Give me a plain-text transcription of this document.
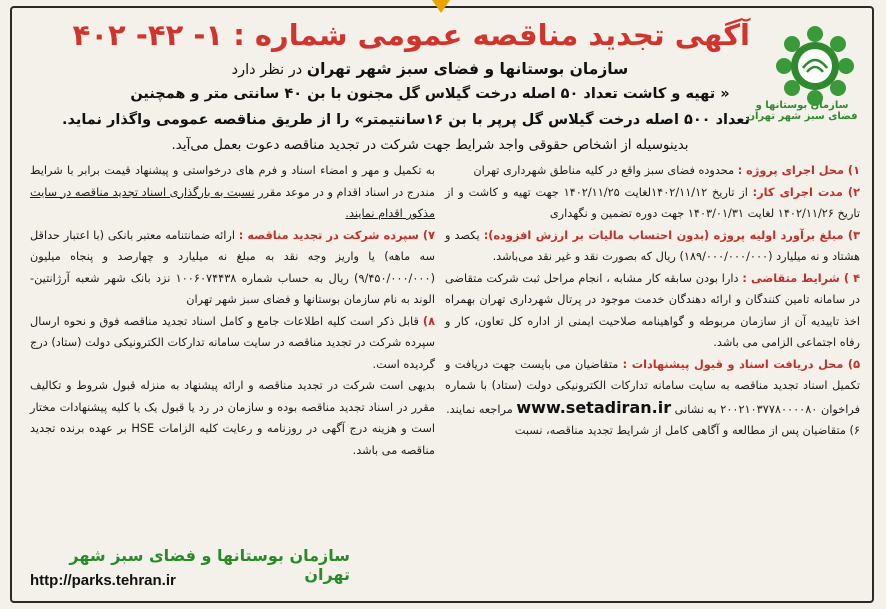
سازمان بوستانها و فضای سبز شهر تهران
آگهی تجدید مناقصه عمومی شماره : ۱- ۴۲- ۴۰۲
سازمان بوستانها و فضای سبز شهر تهران در نظر دارد
« تهیه و کاشت تعداد ۵۰ اصله درخت گیلاس گل مجنون با بن ۴۰ سانتی متر و همچنین
تعداد ۵۰۰ اصله درخت گیلاس گل پرپر با بن ۱۶سانتیمتر» را از طریق مناقصه عمومی واگذار نماید.
بدینوسیله از اشخاص حقوقی واجد شرایط جهت شرکت در تجدید مناقصه دعوت بعمل می‌آید.

۱) محل اجرای پروژه : محدوده فضای سبز واقع در کلیه مناطق شهرداری تهران

۲) مدت اجرای کار: از تاریخ ۱۴۰۲/۱۱/۱۲لغایت ۱۴۰۲/۱۱/۲۵ جهت تهیه و کاشت و از تاریخ ۱۴۰۲/۱۱/۲۶ لغایت ۱۴۰۳/۰۱/۳۱ جهت دوره تضمین و نگهداری

۳) مبلغ برآورد اولیه پروژه (بدون احتساب مالیات بر ارزش افزوده): یکصد و هشتاد و نه میلیارد (۱۸۹/۰۰۰/۰۰۰/۰۰۰) ریال که بصورت نقد و غیر نقد می‌باشد.

۴ ) شرایط متقاضی : دارا بودن سابقه کار مشابه ، انجام مراحل ثبت شرکت متقاضی در سامانه تامین کنندگان و ارائه دهندگان خدمت موجود در پرتال شهرداری تهران بهمراه اخذ تاییدیه آن از سازمان مربوطه و گواهینامه صلاحیت ایمنی از اداره کل تعاون، کار و رفاه اجتماعی الزامی می باشد.

۵) محل دریافت اسناد و قبول پیشنهادات : متقاضیان می بایست جهت دریافت و تکمیل اسناد تجدید مناقصه به سایت سامانه تدارکات الکترونیکی دولت (ستاد) با شماره فراخوان ۲۰۰۲۱۰۳۷۷۸۰۰۰۰۸۰ به نشانی www.setadiran.ir مراجعه نمایند.

۶) متقاضیان پس از مطالعه و آگاهی کامل از شرایط تجدید مناقصه، نسبت

به تکمیل و مهر و امضاء اسناد و فرم های درخواستی و پیشنهاد قیمت برابر با شرایط مندرج در اسناد اقدام و در موعد مقرر نسبت به بارگذاری اسناد تجدید مناقصه در سایت مذکور اقدام نمایند.

۷) سپرده شرکت در تجدید مناقصه : ارائه ضمانتنامه معتبر بانکی (با اعتبار حداقل سه ماهه) یا واریز وجه نقد به مبلغ نه میلیارد و چهارصد و پنجاه میلیون (۹/۴۵۰/۰۰۰/۰۰۰) ریال به حساب شماره ۱۰۰۶۰۷۴۴۳۸ نزد بانک شهر شعبه آرژانتین- الوند به نام سازمان بوستانها و فضای سبز شهر تهران

۸) قابل ذکر است کلیه اطلاعات جامع و کامل اسناد تجدید مناقصه فوق و نحوه ارسال سپرده شرکت در تجدید مناقصه در سایت سامانه تدارکات الکترونیکی دولت (ستاد) درج گردیده است.

بدیهی است شرکت در تجدید مناقصه و ارائه پیشنهاد به منزله قبول شروط و تکالیف مقرر در اسناد تجدید مناقصه بوده و سازمان در رد یا قبول یک یا کلیه پیشنهادات مختار است و هزینه درج آگهی در روزنامه و رعایت کلیه الزامات HSE بر عهده برنده تجدید مناقصه می باشد.

سازمان بوستانها و فضای سبز شهر تهران
http://parks.tehran.ir
